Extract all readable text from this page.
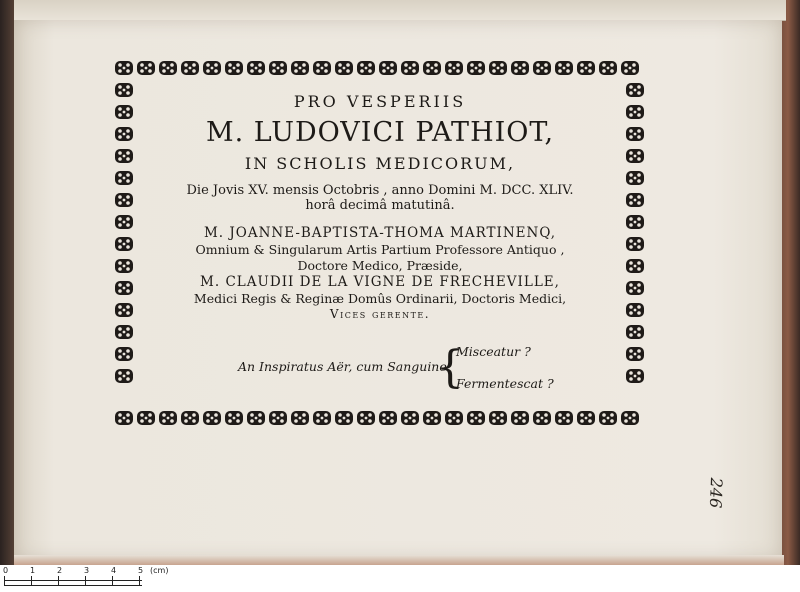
PRO VESPERIIS
M. LUDOVICI PATHIOT,
IN SCHOLIS MEDICORUM,
Die Jovis XV. mensis Octobris , anno Domini M. DCC. XLIV.
horâ decimâ matutinâ.
M. JOANNE-BAPTISTA-THOMA MARTINENQ,
Omnium & Singularum Artis Partium Professore Antiquo ,
Doctore Medico, Præside,
M. CLAUDII DE LA VIGNE DE FRECHEVILLE,
Medici Regis & Reginæ Domûs Ordinarii, Doctoris Medici,
Vices gerente.
An Inspiratus Aër, cum Sanguine
{
Misceatur ?
Fermentescat ?
246
0	1	2	3	4	5 (cm)
